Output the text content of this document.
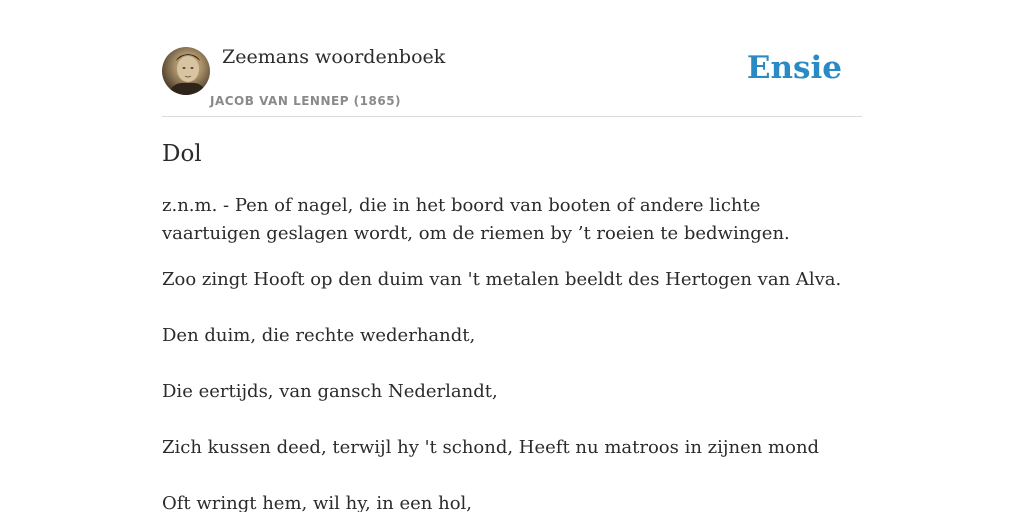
Zeemans woordenboek
JACOB VAN LENNEP (1865)
Ensie
Dol

z.n.m. - Pen of nagel, die in het boord van booten of andere lichte vaartuigen geslagen wordt, om de riemen by ’t roeien te bedwingen.

Zoo zingt Hooft op den duim van 't metalen beeldt des Hertogen van Alva.

Den duim, die rechte wederhandt,

Die eertijds, van gansch Nederlandt,

Zich kussen deed, terwijl hy 't schond, Heeft nu matroos in zijnen mond

Oft wringt hem, wil hy, in een hol,
